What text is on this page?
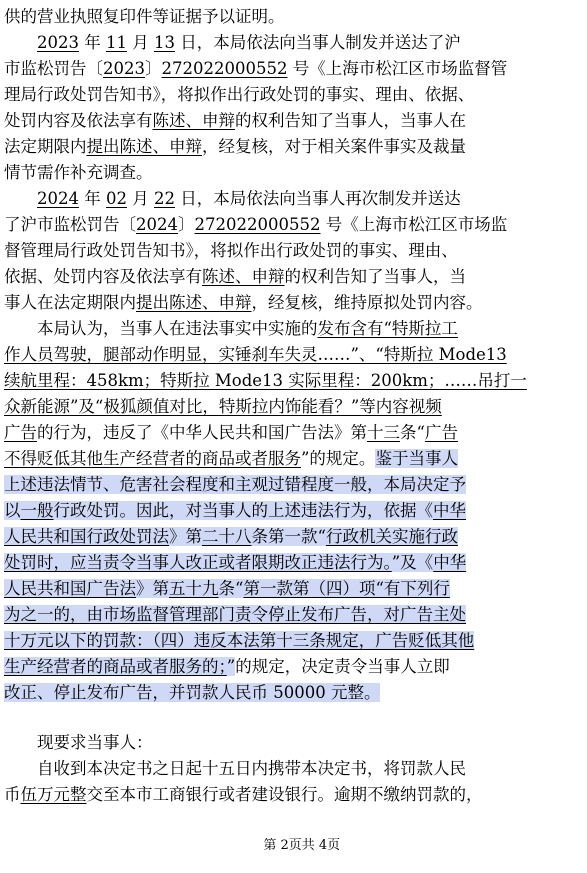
供的营业执照复印件等证据予以证明。
2023 年 11 月 13 日，本局依法向当事人制发并送达了沪
市监松罚告〔2023〕272022000552 号《上海市松江区市场监督管
理局行政处罚告知书》，将拟作出行政处罚的事实、理由、依据、
处罚内容及依法享有陈述、申辩的权利告知了当事人，当事人在
法定期限内提出陈述、申辩，经复核，对于相关案件事实及裁量
情节需作补充调查。
2024 年 02 月 22 日，本局依法向当事人再次制发并送达
了沪市监松罚告〔2024〕272022000552 号《上海市松江区市场监
督管理局行政处罚告知书》，将拟作出行政处罚的事实、理由、
依据、处罚内容及依法享有陈述、申辩的权利告知了当事人，当
事人在法定期限内提出陈述、申辩，经复核，维持原拟处罚内容。
本局认为，当事人在违法事实中实施的发布含有“特斯拉工
作人员驾驶，腿部动作明显，实锤刹车失灵……”、“特斯拉 Mode13
续航里程：458km；特斯拉 Mode13 实际里程：200km；……吊打一
众新能源”及“极狐颜值对比，特斯拉内饰能看？”等内容视频
广告的行为，违反了《中华人民共和国广告法》第十三条“广告
不得贬低其他生产经营者的商品或者服务”的规定。鉴于当事人
上述违法情节、危害社会程度和主观过错程度一般，本局决定予
以一般行政处罚。因此，对当事人的上述违法行为，依据《中华
人民共和国行政处罚法》第二十八条第一款“行政机关实施行政
处罚时，应当责令当事人改正或者限期改正违法行为。”及《中华
人民共和国广告法》第五十九条“第一款第（四）项“有下列行
为之一的，由市场监督管理部门责令停止发布广告，对广告主处
十万元以下的罚款：（四）违反本法第十三条规定，广告贬低其他
生产经营者的商品或者服务的；”的规定，决定责令当事人立即
改正、停止发布广告，并罚款人民币 50000 元整。
现要求当事人：
自收到本决定书之日起十五日内携带本决定书，将罚款人民
币伍万元整交至本市工商银行或者建设银行。逾期不缴纳罚款的，

第 2页共 4页
